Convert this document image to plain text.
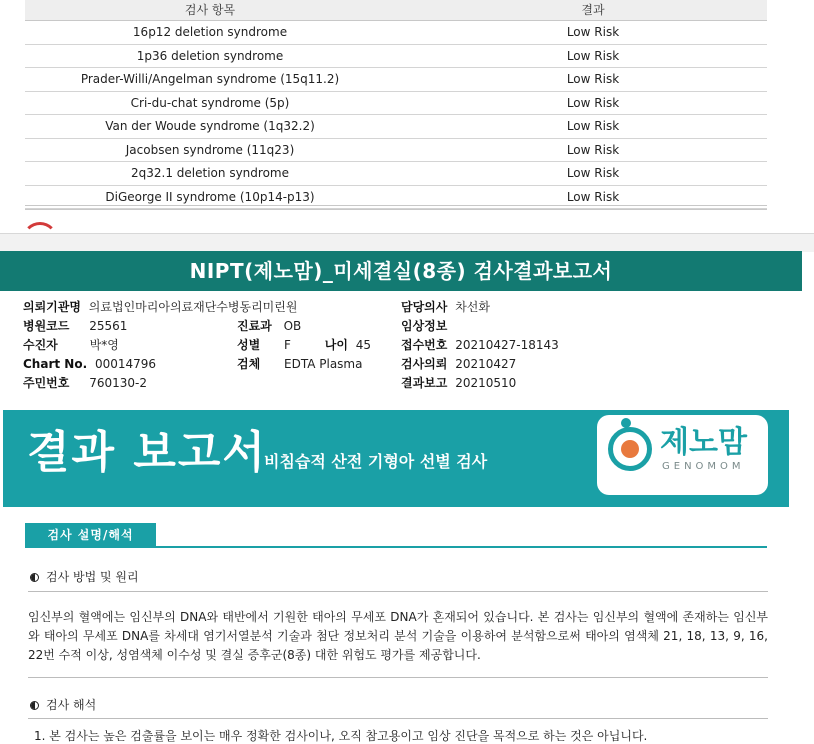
검사 항목	결과
16p12 deletion syndrome	Low Risk
1p36 deletion syndrome	Low Risk
Prader-Willi/Angelman syndrome (15q11.2)	Low Risk
Cri-du-chat syndrome (5p)	Low Risk
Van der Woude syndrome (1q32.2)	Low Risk
Jacobsen syndrome (11q23)	Low Risk
2q32.1 deletion syndrome	Low Risk
DiGeorge II syndrome (10p14-p13)	Low Risk
NIPT(제노맘)_미세결실(8종) 검사결과보고서
의뢰기관명 의료법인마리아의료재단수병동리미린원
병원코드 25561
수진자	박*영
Chart No. 00014796
주민번호 760130-2
진료과 OB
성별 F	나이 45
검체 EDTA Plasma
담당의사 차선화
임상정보
접수번호 20210427-18143
검사의뢰 20210427
결과보고 20210510
결과 보고서
비침습적 산전 기형아 선별 검사
제노맘
GENOMOM
검사 설명/해석
검사 방법 및 원리
임신부의 혈액에는 임신부의 DNA와 태반에서 기원한 태아의 무세포 DNA가 혼재되어 있습니다. 본 검사는 임신부의 혈액에 존재하는 임신부와 태아의 무세포 DNA를 차세대 염기서열분석 기술과 첨단 정보처리 분석 기술을 이용하여 분석함으로써 태아의 염색체 21, 18, 13, 9, 16, 22번 수적 이상, 성염색체 이수성 및 결실 증후군(8종) 대한 위험도 평가를 제공합니다.
검사 해석
1. 본 검사는 높은 검출률을 보이는 매우 정확한 검사이나, 오직 참고용이고 임상 진단을 목적으로 하는 것은 아닙니다.
